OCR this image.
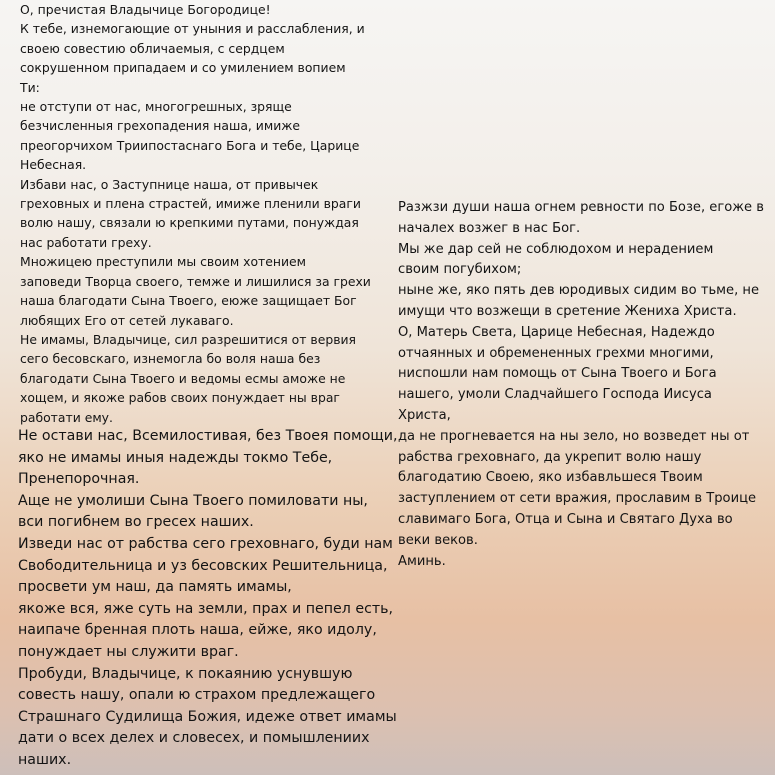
О, пречистая Владычице Богородице!

К тебе, изнемогающие от уныния и расслабления, и

своею совестию обличаемыя, с сердцем

сокрушенном припадаем и со умилением вопием

Ти:

не отступи от нас, многогрешных, зряще

безчисленныя грехопадения наша, имиже

преогорчихом Триипостаснаго Бога и тебе, Царице

Небесная.

Избави нас, о Заступнице наша, от привычек

греховных и плена страстей, имиже пленили враги

волю нашу, связали ю крепкими путами, понуждая

нас работати греху.

Множицею преступили мы своим хотением

заповеди Творца своего, темже и лишилися за грехи

наша благодати Сына Твоего, еюже защищает Бог

любящих Его от сетей лукаваго.

Не имамы, Владычице, сил разрешитися от вервия

сего бесовскаго, изнемогла бо воля наша без

благодати Сына Твоего и ведомы есмы аможе не

хощем, и якоже рабов своих понуждает ны враг

работати ему.

Не остави нас, Всемилостивая, без Твоея помощи,

яко не имамы иныя надежды токмо Тебе,

Пренепорочная.

Аще не умолиши Сына Твоего помиловати ны,

вси погибнем во гресех наших.

Изведи нас от рабства сего греховнаго, буди нам

Свободительница и уз бесовских Решительница,

просвети ум наш, да память имамы,

якоже вся, яже суть на земли, прах и пепел есть,

наипаче бренная плоть наша, ейже, яко идолу,

понуждает ны служити враг.

Пробуди, Владычице, к покаянию уснувшую

совесть нашу, опали ю страхом предлежащего

Страшнаго Судилища Божия, идеже ответ имамы

дати о всех делех и словесех, и помышлениих

наших.

Разжзи души наша огнем ревности по Бозе, егоже в

началех возжег в нас Бог.

Мы же дар сей не соблюдохом и нерадением

своим погубихом;

ныне же, яко пять дев юродивых сидим во тьме, не

имущи что возжещи в сретение Жениха Христа.

О, Матерь Света, Царице Небесная, Надеждо

отчаянных и обремененных грехми многими,

ниспошли нам помощь от Сына Твоего и Бога

нашего, умоли Сладчайшего Господа Иисуса

Христа,

да не прогневается на ны зело, но возведет ны от

рабства греховнаго, да укрепит волю нашу

благодатию Своею, яко избавльшеся Твоим

заступлением от сети вражия, прославим в Троице

славимаго Бога, Отца и Сына и Святаго Духа во

веки веков.

Аминь.
